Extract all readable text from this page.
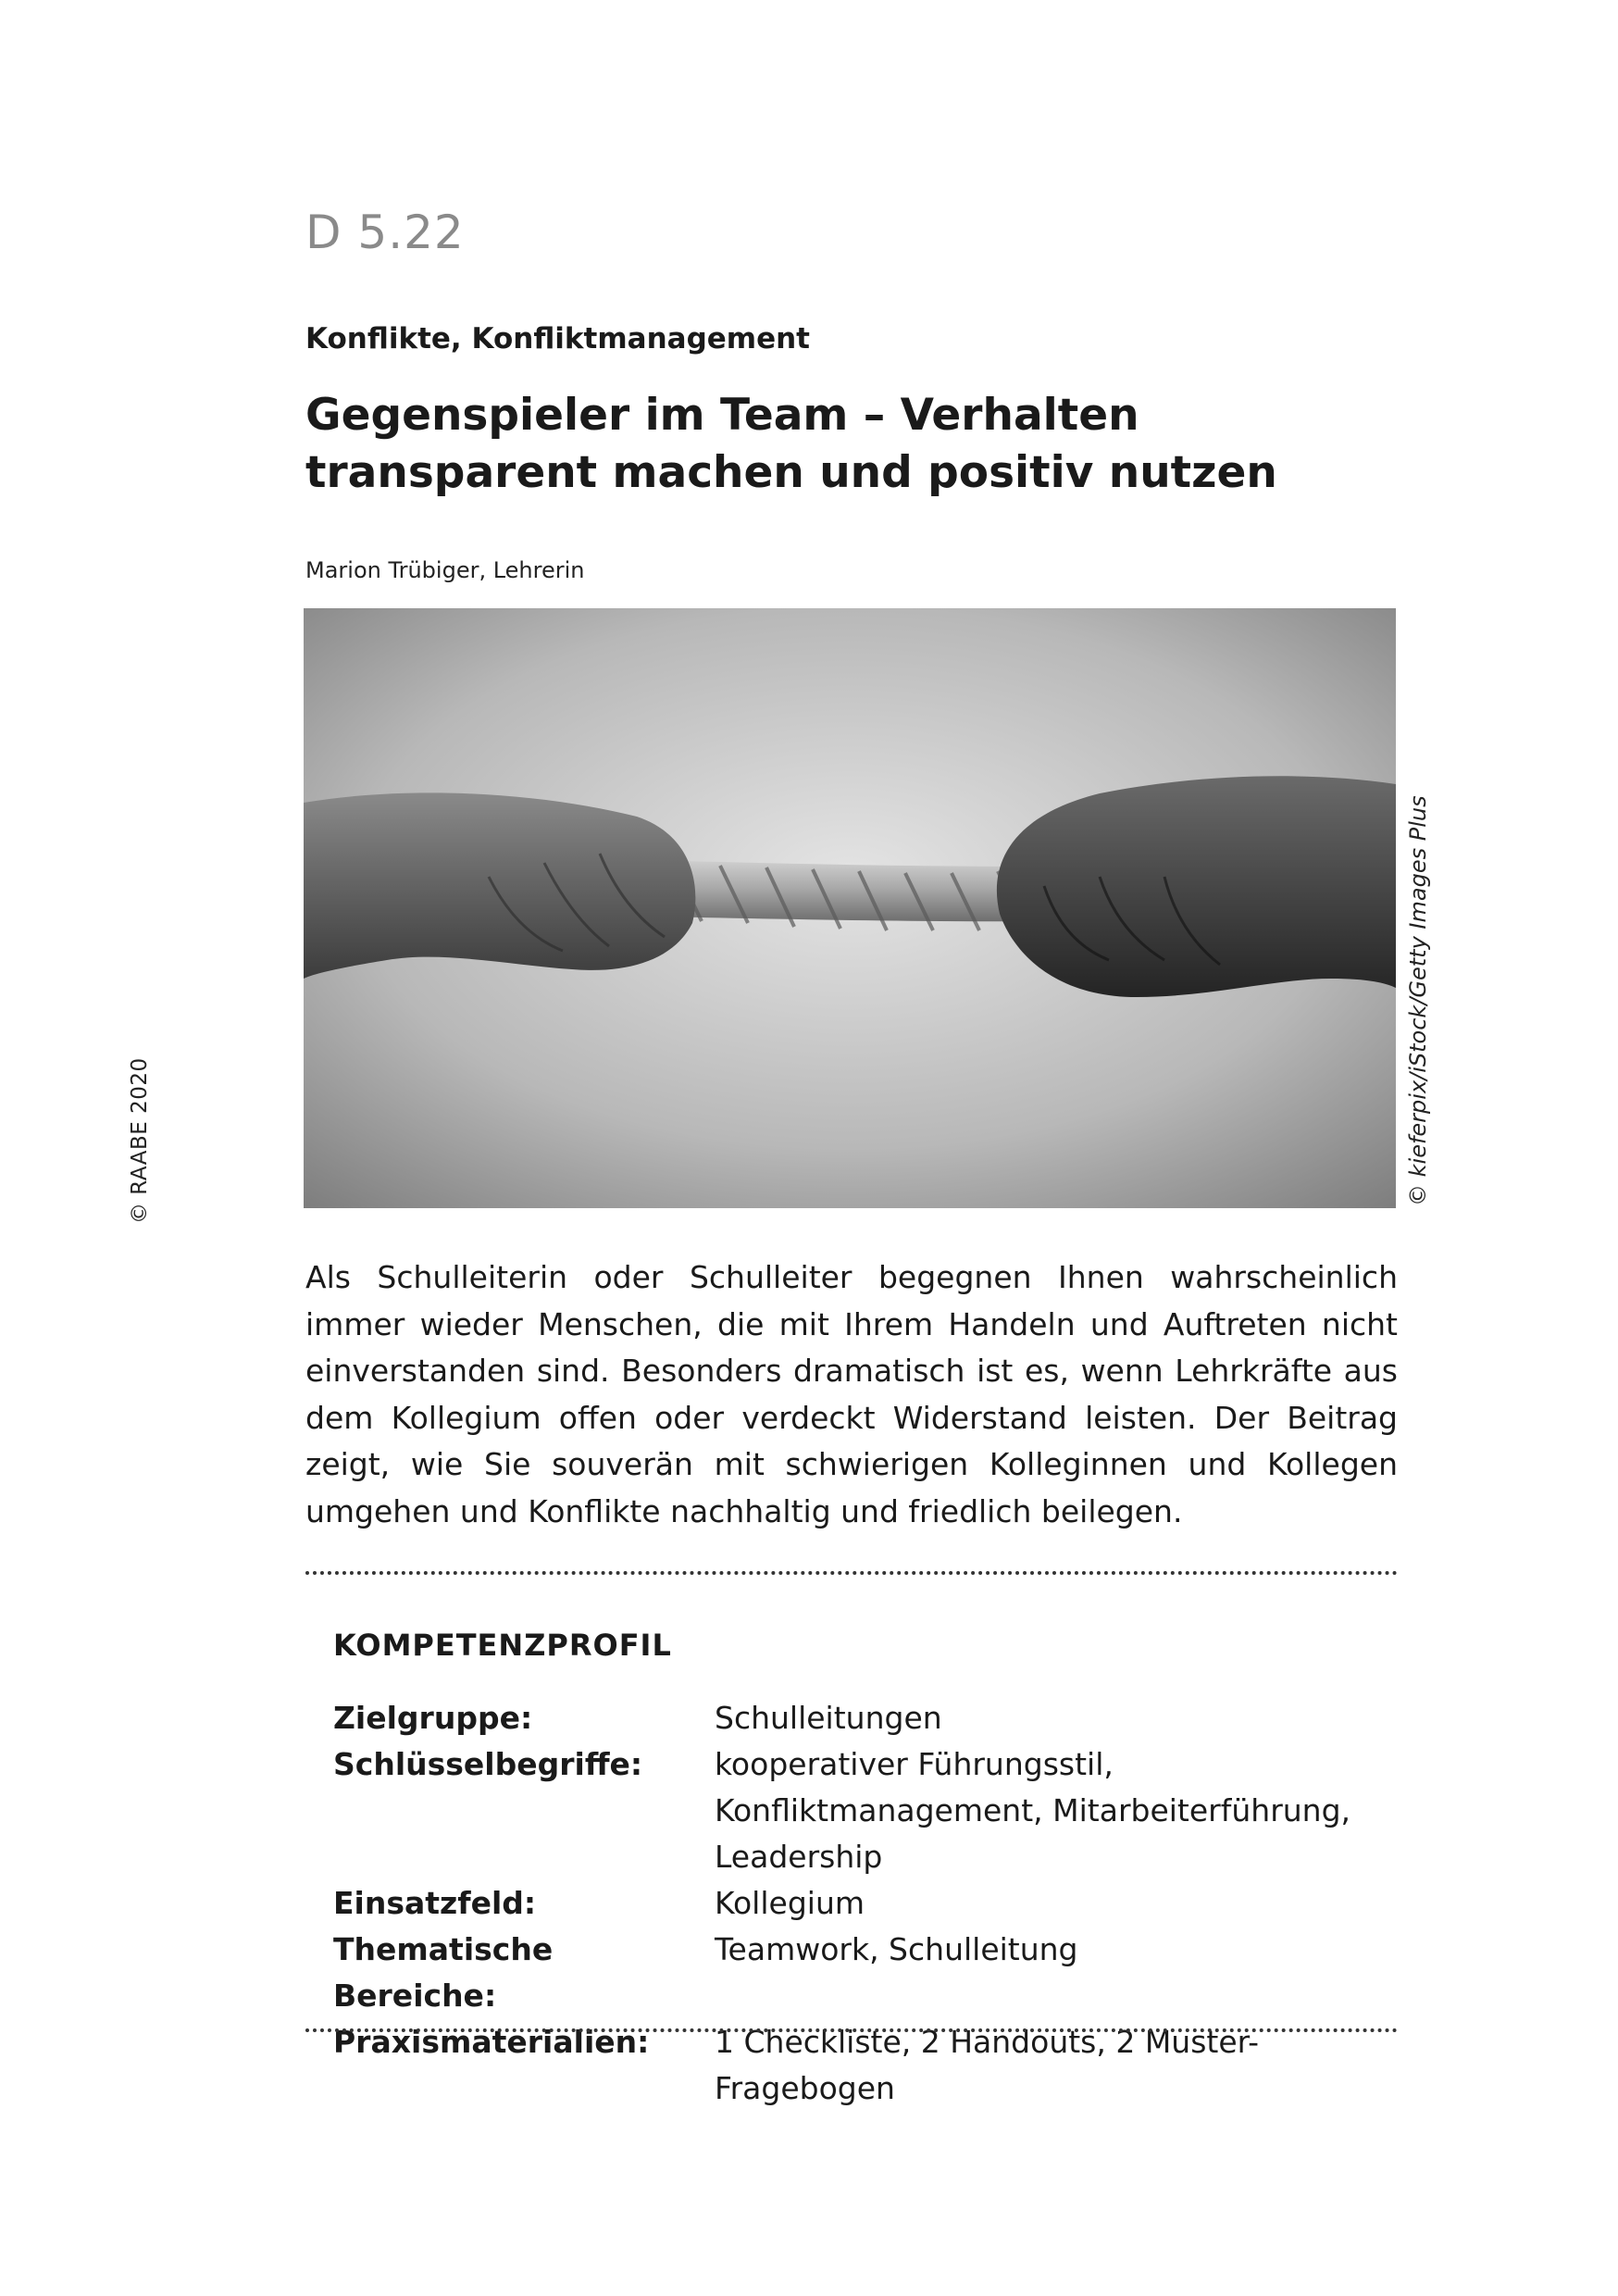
D 5.22
Konflikte, Konfliktmanagement
Gegenspieler im Team – Verhalten
transparent machen und positiv nutzen
Marion Trübiger, Lehrerin
© kieferpix/iStock/Getty Images Plus
© RAABE 2020

Als Schulleiterin oder Schulleiter begegnen Ihnen wahrscheinlich immer wieder Menschen, die mit Ihrem Handeln und Auftreten nicht einverstanden sind. Besonders dramatisch ist es, wenn Lehrkräfte aus dem Kollegium offen oder verdeckt Widerstand leisten. Der Beitrag zeigt, wie Sie souverän mit schwierigen Kolleginnen und Kollegen umgehen und Konflikte nachhaltig und friedlich beilegen.

KOMPETENZPROFIL
Zielgruppe:	Schulleitungen
Schlüsselbegriffe:	kooperativer Führungsstil, Konfliktmanagement, Mitarbeiterführung, Leadership
Einsatzfeld:	Kollegium
Thematische Bereiche:	Teamwork, Schulleitung
Praxismaterialien:	1 Checkliste, 2 Handouts, 2 Muster-Fragebogen
